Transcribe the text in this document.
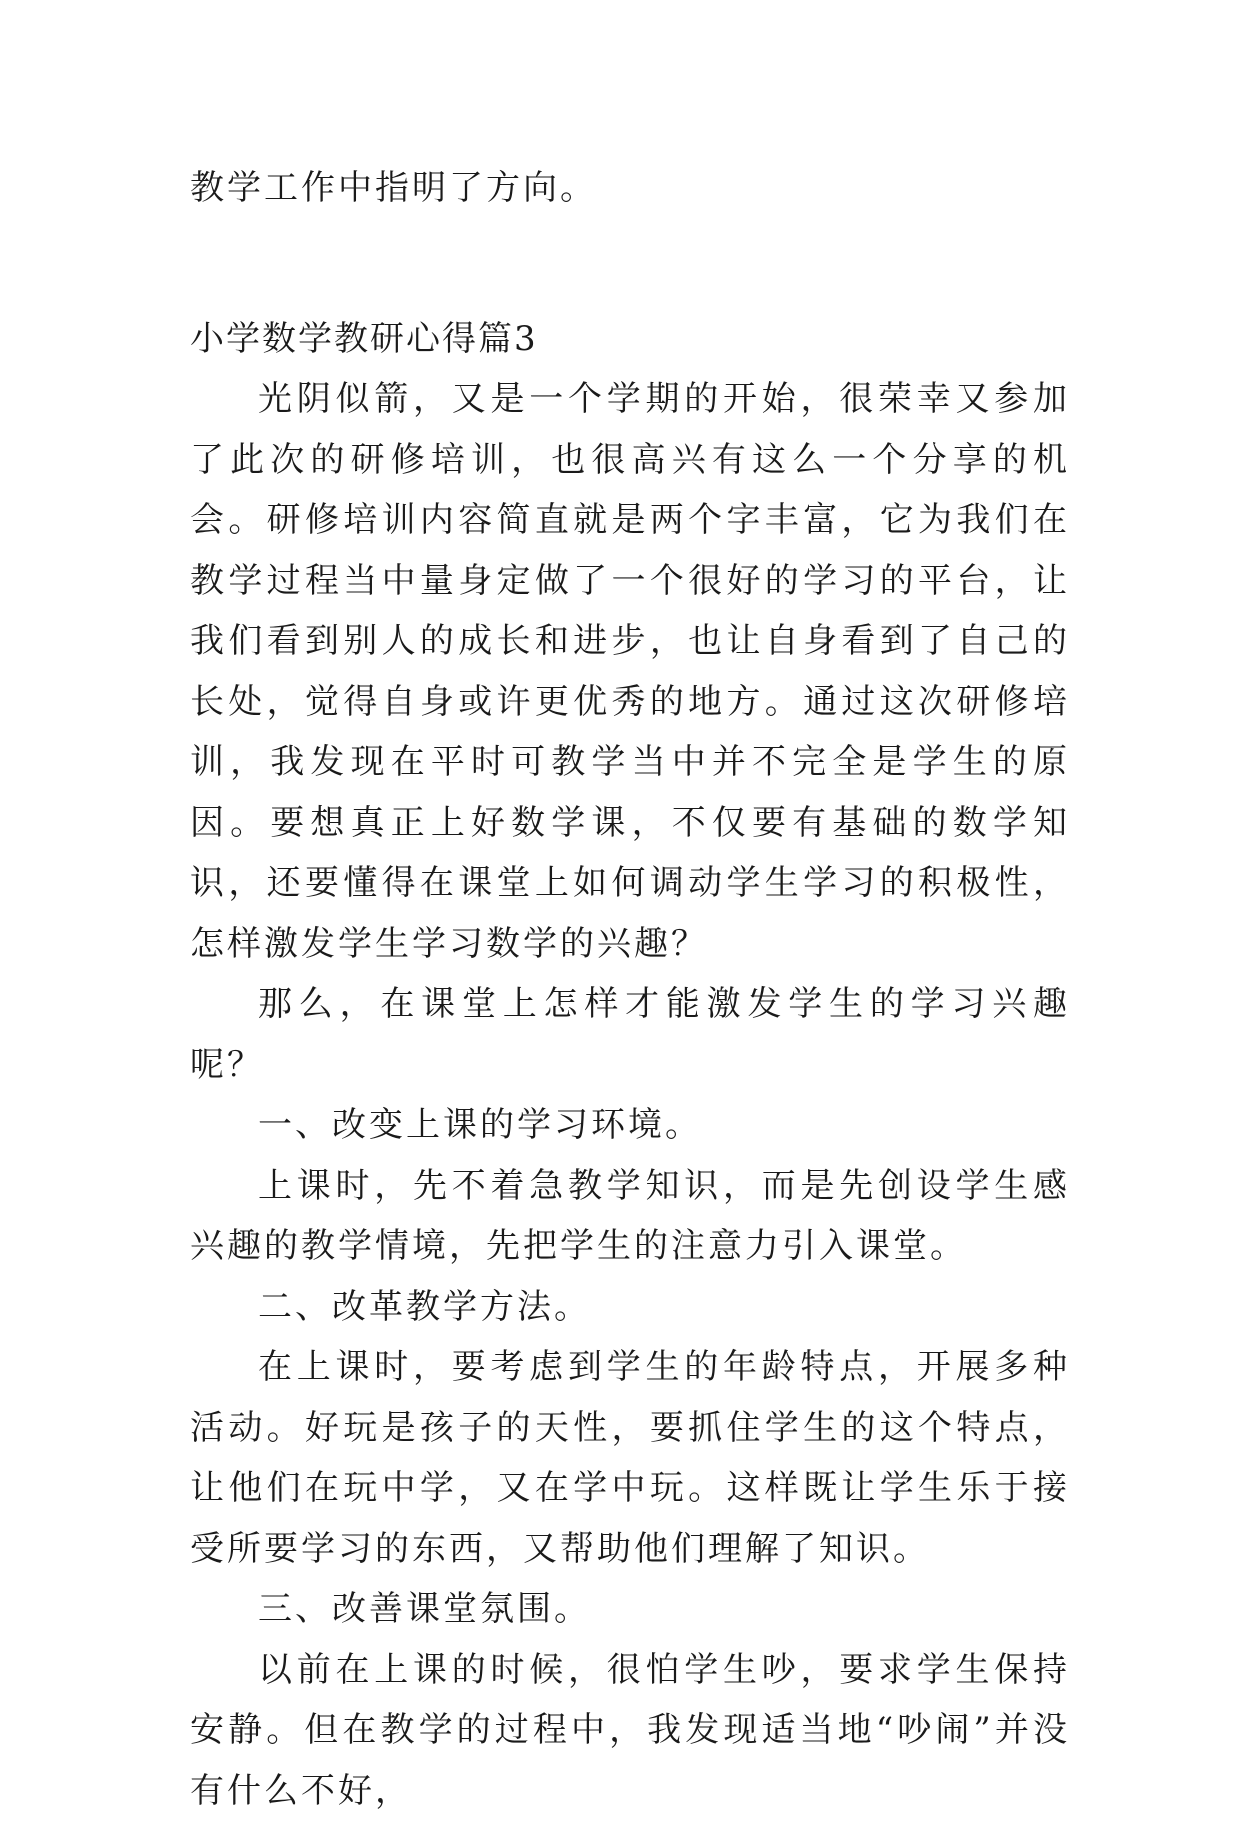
教学工作中指明了方向。

小学数学教研心得篇3

光阴似箭，又是一个学期的开始，很荣幸又参加了此次的研修培训，也很高兴有这么一个分享的机会。研修培训内容简直就是两个字丰富，它为我们在教学过程当中量身定做了一个很好的学习的平台，让我们看到别人的成长和进步，也让自身看到了自己的长处，觉得自身或许更优秀的地方。通过这次研修培训，我发现在平时可教学当中并不完全是学生的原因。要想真正上好数学课，不仅要有基础的数学知识，还要懂得在课堂上如何调动学生学习的积极性，怎样激发学生学习数学的兴趣？

那么，在课堂上怎样才能激发学生的学习兴趣呢？

一、改变上课的学习环境。

上课时，先不着急教学知识，而是先创设学生感兴趣的教学情境，先把学生的注意力引入课堂。

二、改革教学方法。

在上课时，要考虑到学生的年龄特点，开展多种活动。好玩是孩子的天性，要抓住学生的这个特点，让他们在玩中学，又在学中玩。这样既让学生乐于接受所要学习的东西，又帮助他们理解了知识。

三、改善课堂氛围。

以前在上课的时候，很怕学生吵，要求学生保持安静。但在教学的过程中，我发现适当地“吵闹”并没有什么不好，
